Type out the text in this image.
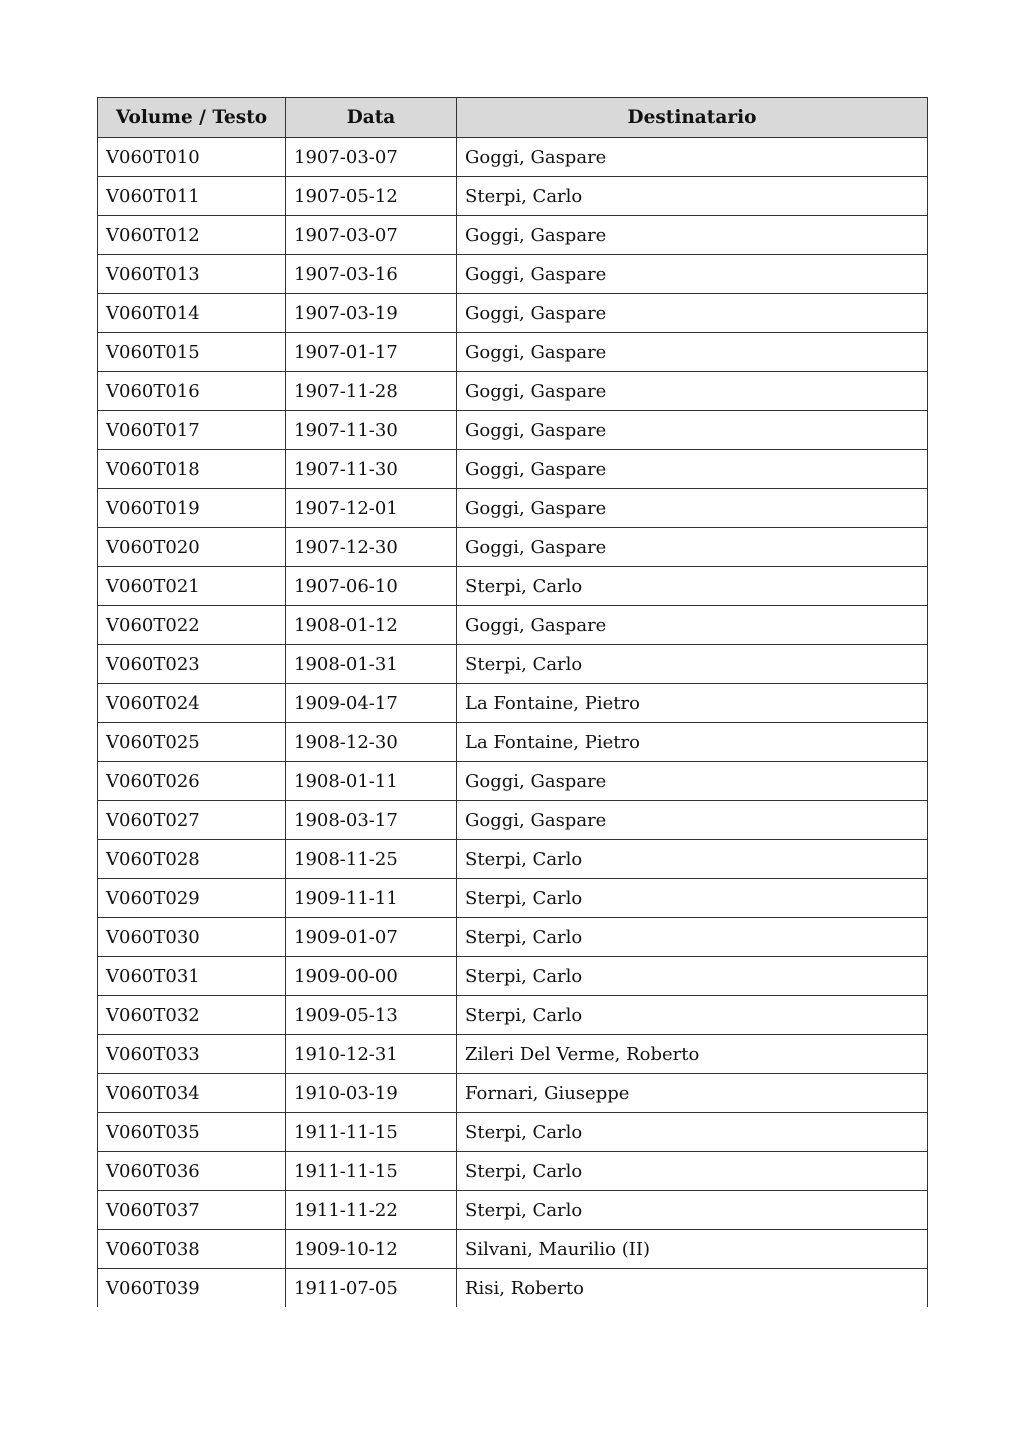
Volume / Testo	Data	Destinatario
V060T010	1907-03-07	Goggi, Gaspare
V060T011	1907-05-12	Sterpi, Carlo
V060T012	1907-03-07	Goggi, Gaspare
V060T013	1907-03-16	Goggi, Gaspare
V060T014	1907-03-19	Goggi, Gaspare
V060T015	1907-01-17	Goggi, Gaspare
V060T016	1907-11-28	Goggi, Gaspare
V060T017	1907-11-30	Goggi, Gaspare
V060T018	1907-11-30	Goggi, Gaspare
V060T019	1907-12-01	Goggi, Gaspare
V060T020	1907-12-30	Goggi, Gaspare
V060T021	1907-06-10	Sterpi, Carlo
V060T022	1908-01-12	Goggi, Gaspare
V060T023	1908-01-31	Sterpi, Carlo
V060T024	1909-04-17	La Fontaine, Pietro
V060T025	1908-12-30	La Fontaine, Pietro
V060T026	1908-01-11	Goggi, Gaspare
V060T027	1908-03-17	Goggi, Gaspare
V060T028	1908-11-25	Sterpi, Carlo
V060T029	1909-11-11	Sterpi, Carlo
V060T030	1909-01-07	Sterpi, Carlo
V060T031	1909-00-00	Sterpi, Carlo
V060T032	1909-05-13	Sterpi, Carlo
V060T033	1910-12-31	Zileri Del Verme, Roberto
V060T034	1910-03-19	Fornari, Giuseppe
V060T035	1911-11-15	Sterpi, Carlo
V060T036	1911-11-15	Sterpi, Carlo
V060T037	1911-11-22	Sterpi, Carlo
V060T038	1909-10-12	Silvani, Maurilio (II)
V060T039	1911-07-05	Risi, Roberto
